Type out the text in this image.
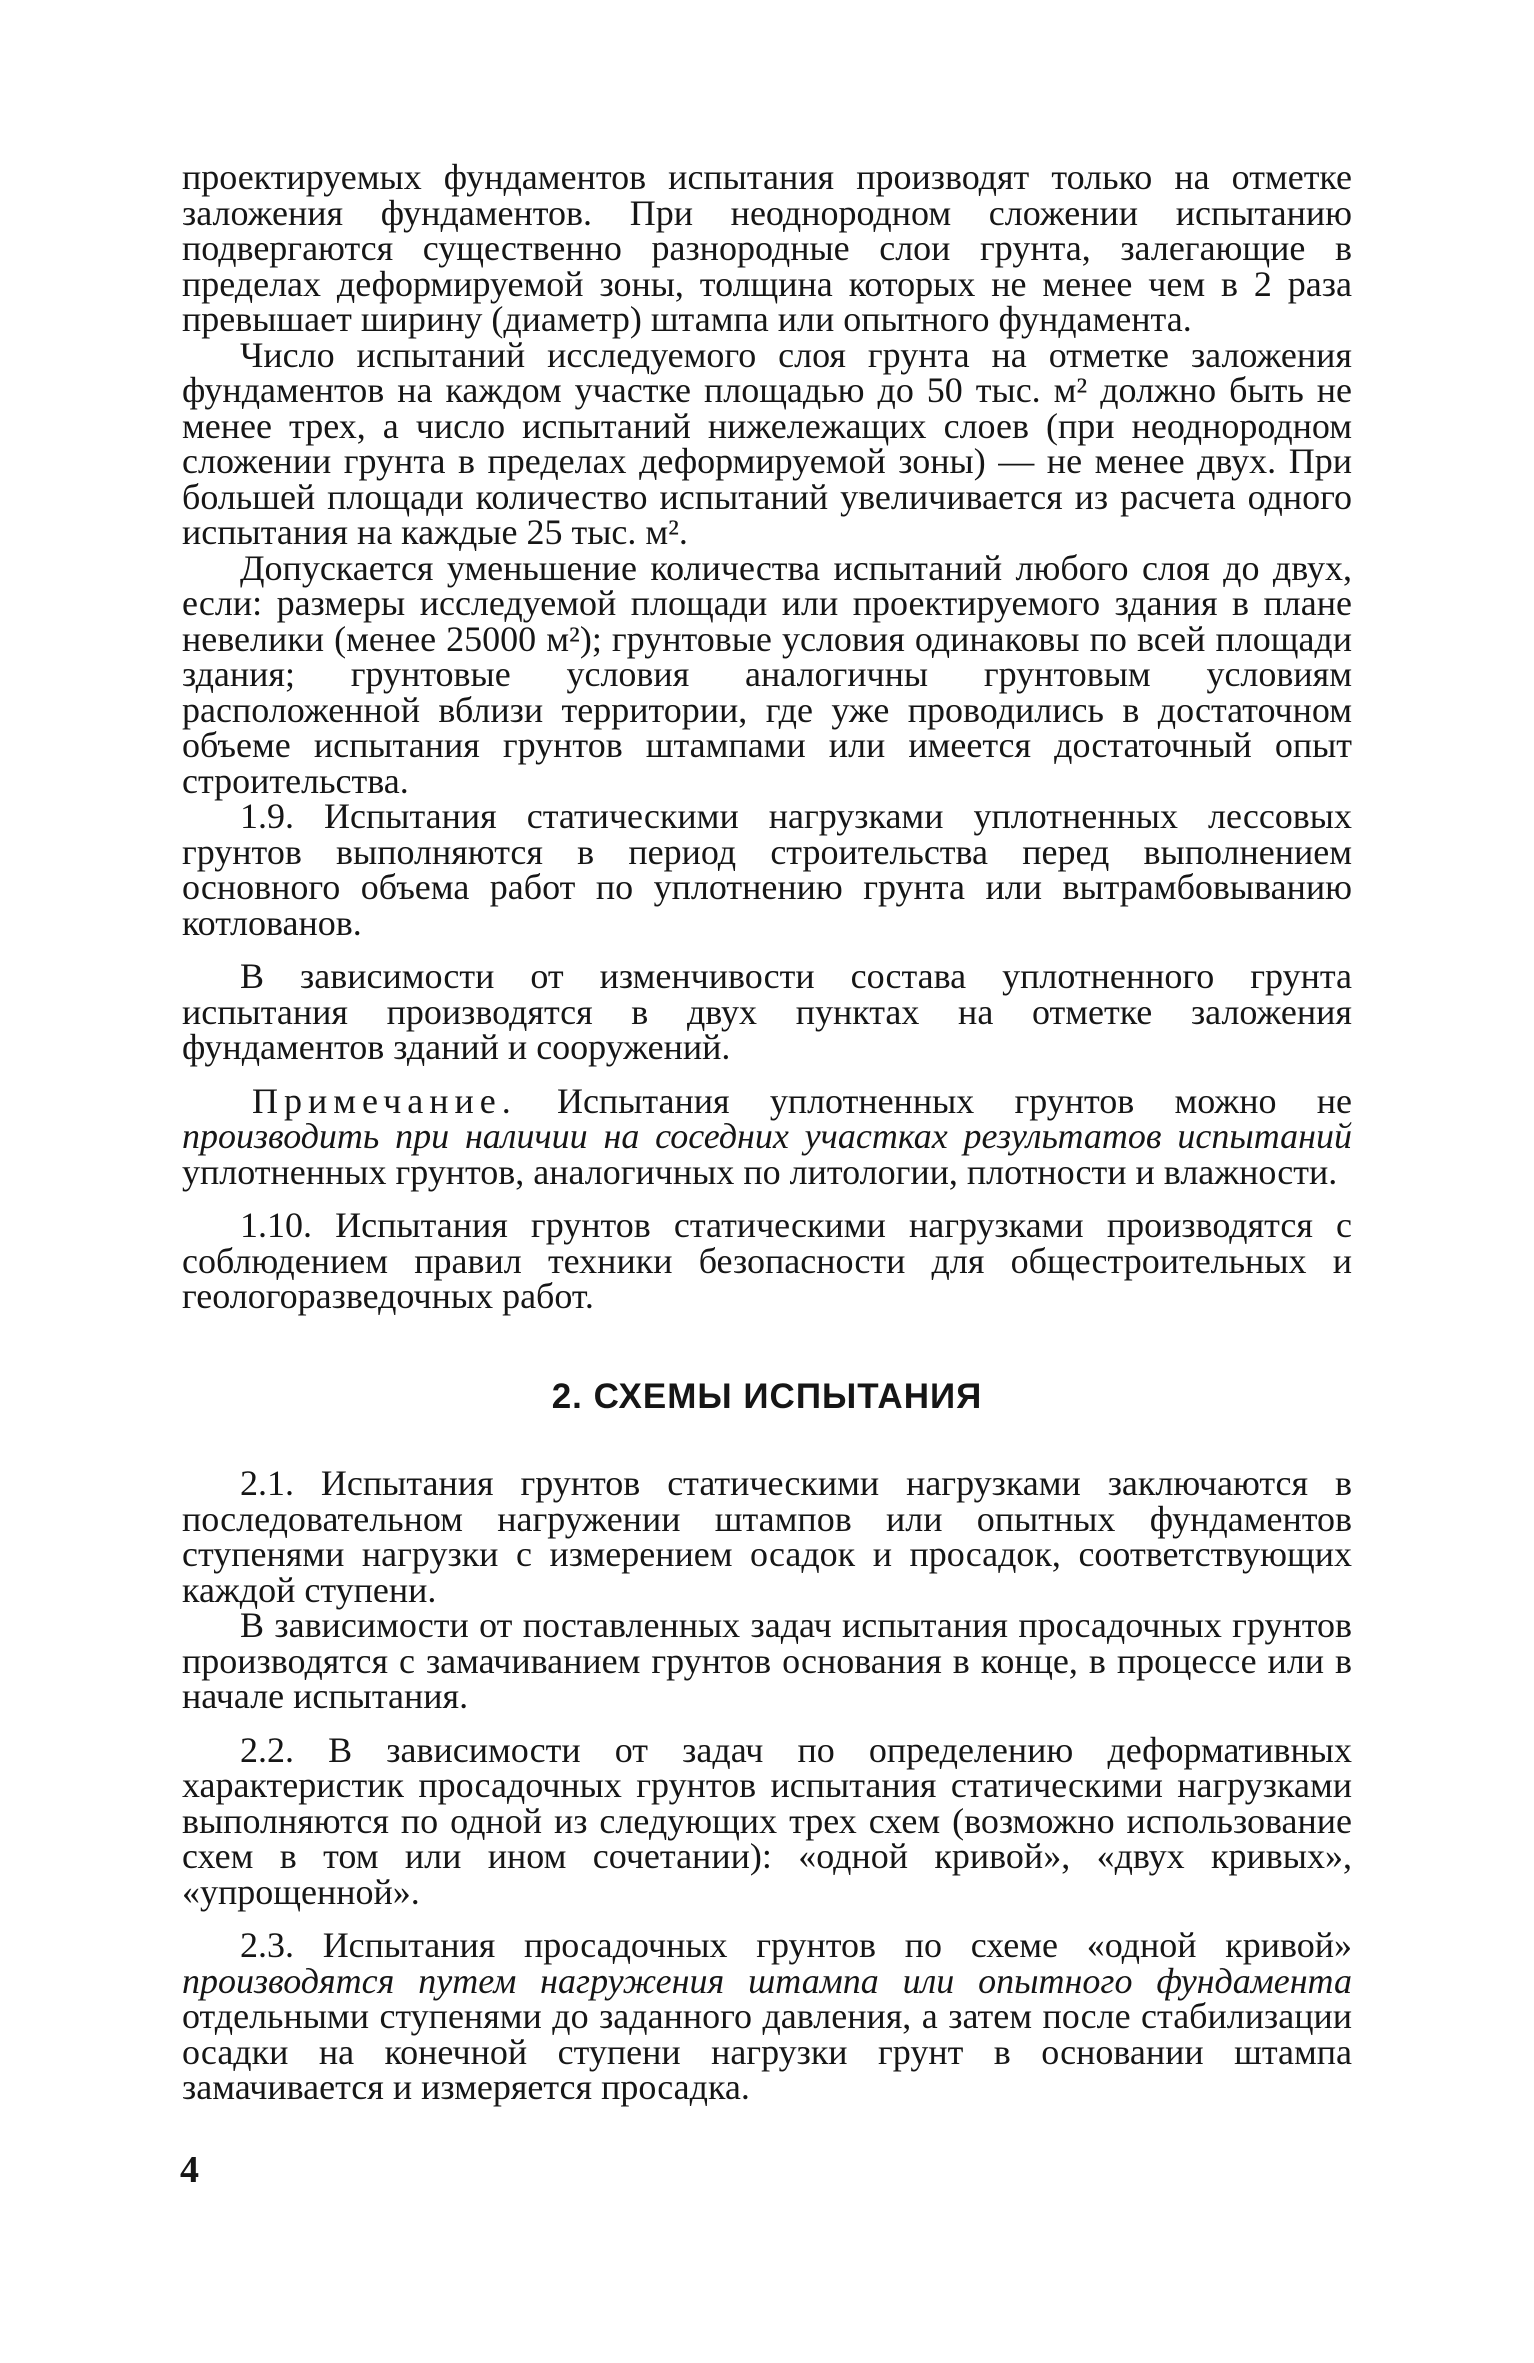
проектируемых фундаментов испытания производят только на отметке заложения фундаментов. При неоднородном сложении испытанию подвергаются существенно разнородные слои грунта, залегающие в пределах деформируемой зоны, толщина которых не менее чем в 2 раза превышает ширину (диаметр) штампа или опытного фундамента.

Число испытаний исследуемого слоя грунта на отметке заложения фундаментов на каждом участке площадью до 50 тыс. м² должно быть не менее трех, а число испытаний нижележащих слоев (при неоднородном сложении грунта в пределах деформируемой зоны) — не менее двух. При большей площади количество испытаний увеличивается из расчета одного испытания на каждые 25 тыс. м².

Допускается уменьшение количества испытаний любого слоя до двух, если: размеры исследуемой площади или проектируемого здания в плане невелики (менее 25000 м²); грунтовые условия одинаковы по всей площади здания; грунтовые условия аналогичны грунтовым условиям расположенной вблизи территории, где уже проводились в достаточном объеме испытания грунтов штампами или имеется достаточный опыт строительства.

1.9. Испытания статическими нагрузками уплотненных лессовых грунтов выполняются в период строительства перед выполнением основного объема работ по уплотнению грунта или вытрамбовыванию котлованов.

В зависимости от изменчивости состава уплотненного грунта испытания производятся в двух пунктах на отметке заложения фундаментов зданий и сооружений.

Примечание. Испытания уплотненных грунтов можно не производить при наличии на соседних участках результатов испытаний уплотненных грунтов, аналогичных по литологии, плотности и влажности.

1.10. Испытания грунтов статическими нагрузками производятся с соблюдением правил техники безопасности для общестроительных и геологоразведочных работ.

2. СХЕМЫ ИСПЫТАНИЯ

2.1. Испытания грунтов статическими нагрузками заключаются в последовательном нагружении штампов или опытных фундаментов ступенями нагрузки с измерением осадок и просадок, соответствующих каждой ступени.

В зависимости от поставленных задач испытания просадочных грунтов производятся с замачиванием грунтов основания в конце, в процессе или в начале испытания.

2.2. В зависимости от задач по определению деформативных характеристик просадочных грунтов испытания статическими нагрузками выполняются по одной из следующих трех схем (возможно использование схем в том или ином сочетании): «одной кривой», «двух кривых», «упрощенной».

2.3. Испытания просадочных грунтов по схеме «одной кривой» производятся путем нагружения штампа или опытного фундамента отдельными ступенями до заданного давления, а затем после стабилизации осадки на конечной ступени нагрузки грунт в основании штампа замачивается и измеряется просадка.

4
